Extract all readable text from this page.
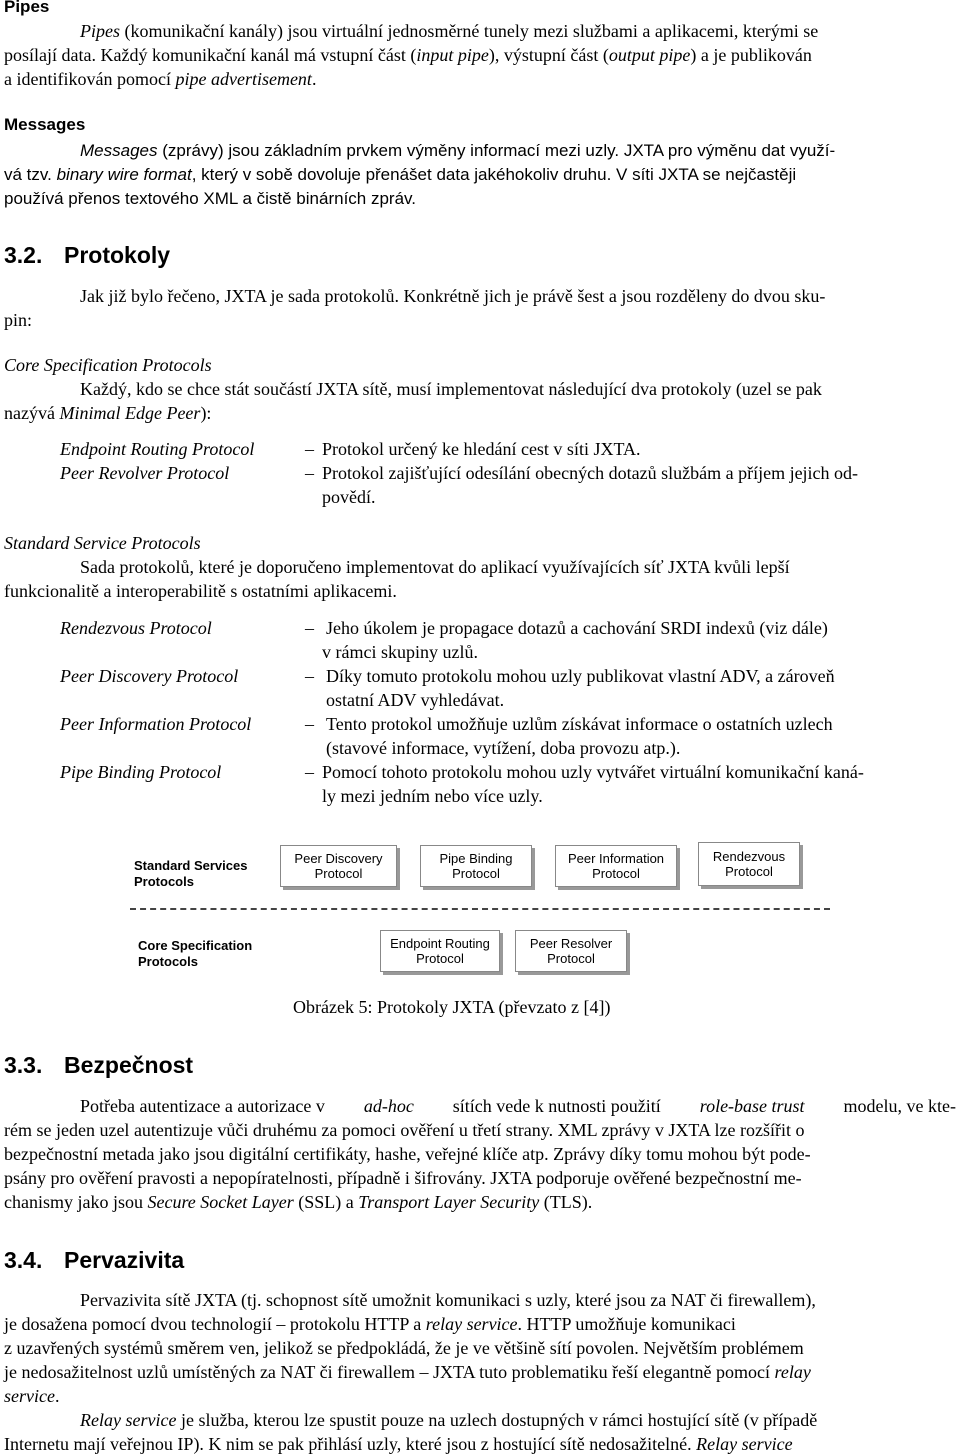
Pipes
Pipes (komunikační kanály) jsou virtuální jednosměrné tunely mezi službami a aplikacemi, kterými se
posílají data. Každý komunikační kanál má vstupní část ( input pipe ), výstupní část ( output pipe ) a je publikován
a identifikován pomocí pipe advertisement.
Messages
Messages (zprávy) jsou základním prvkem výměny informací mezi uzly. JXTA pro výměnu dat využí-
vá tzv. binary wire format, který v sobě dovoluje přenášet data jakéhokoliv druhu. V síti JXTA se nejčastěji
používá přenos textového XML a čistě binárních zpráv.
3.2. Protokoly
Jak již bylo řečeno, JXTA je sada protokolů. Konkrétně jich je právě šest a jsou rozděleny do dvou sku-
pin:
Core Specification Protocols
Každý, kdo se chce stát součástí JXTA sítě, musí implementovat následující dva protokoly (uzel se pak
nazývá Minimal Edge Peer):
Endpoint Routing Protocol	– Protokol určený ke hledání cest v síti JXTA.
Peer Revolver Protocol	– Protokol zajišťující odesílání obecných dotazů službám a příjem jejich od-
povědí.
Standard Service Protocols
Sada protokolů, které je doporučeno implementovat do aplikací využívajících síť JXTA kvůli lepší
funkcionalitě a interoperabilitě s ostatními aplikacemi.
Rendezvous Protocol	– Jeho úkolem je propagace dotazů a cachování SRDI indexů (viz dále)
v rámci skupiny uzlů.
Peer Discovery Protocol	– Díky tomuto protokolu mohou uzly publikovat vlastní ADV, a zároveň
ostatní ADV vyhledávat.
Peer Information Protocol	– Tento protokol umožňuje uzlům získávat informace o ostatních uzlech
(stavové informace, vytížení, doba provozu atp.).
Pipe Binding Protocol	– Pomocí tohoto protokolu mohou uzly vytvářet virtuální komunikační kaná-
ly mezi jedním nebo více uzly.
Standard Services
Protocols
Peer Discovery
Protocol
Pipe Binding
Protocol
Peer Information
Protocol
Rendezvous
Protocol
Core Specification
Protocols
Endpoint Routing
Protocol
Peer Resolver
Protocol
Obrázek 5: Protokoly JXTA (převzato z [4])
3.3. Bezpečnost
Potřeba autentizace a autorizace v ad-hoc sítích vede k nutnosti použití role-base trust modelu, ve kte-
rém se jeden uzel autentizuje vůči druhému za pomoci ověření u třetí strany. XML zprávy v JXTA lze rozšířit o
bezpečnostní metada jako jsou digitální certifikáty, hashe, veřejné klíče atp. Zprávy díky tomu mohou být pode-
psány pro ověření pravosti a nepopíratelnosti, případně i šifrovány. JXTA podporuje ověřené bezpečnostní me-
chanismy jako jsou Secure Socket Layer (SSL) a Transport Layer Security (TLS).
3.4. Pervazivita
Pervazivita sítě JXTA (tj. schopnost sítě umožnit komunikaci s uzly, které jsou za NAT či firewallem),
je dosažena pomocí dvou technologií – protokolu HTTP a relay service. HTTP umožňuje komunikaci
z uzavřených systémů směrem ven, jelikož se předpokládá, že je ve většině sítí povolen. Největším problémem
je nedosažitelnost uzlů umístěných za NAT či firewallem – JXTA tuto problematiku řeší elegantně pomocí relay
service.
Relay service je služba, kterou lze spustit pouze na uzlech dostupných v rámci hostující sítě (v případě
Internetu mají veřejnou IP). K nim se pak přihlásí uzly, které jsou z hostující sítě nedosažitelné. Relay service
